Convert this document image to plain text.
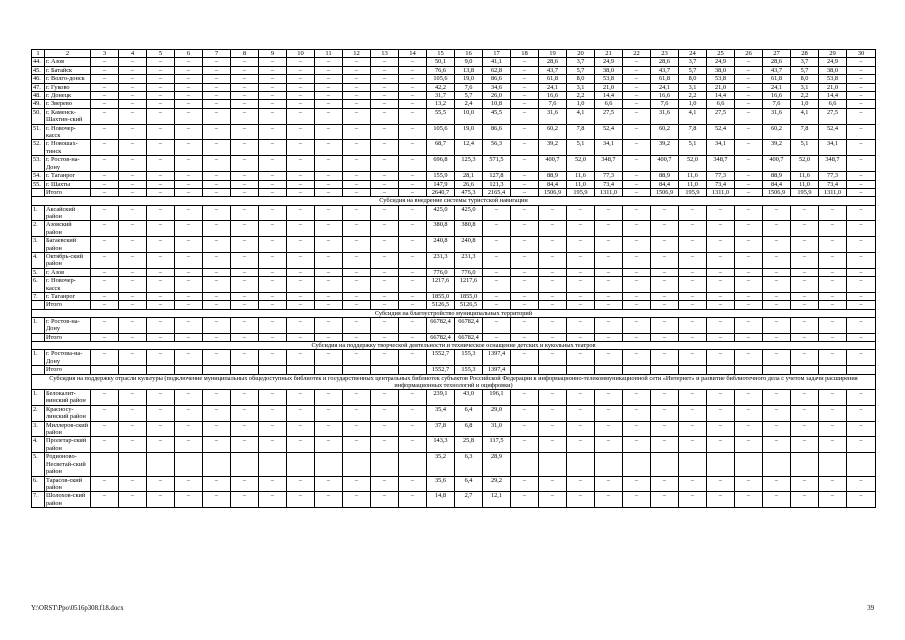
1	2	3	4	5	6	7	8	9	10	11	12	13	14	15	16	17	18	19	20	21	22	23	24	25	26	27	28	29	30
44.	г. Азов	–	–	–	–	–	–	–	–	–	–	–	–	50,1	9,0	41,1	–	28,6	3,7	24,9	–	28,6	3,7	24,9	–	28,6	3,7	24,9	–
45.	г. Батайск	–	–	–	–	–	–	–	–	–	–	–	–	76,6	13,8	62,8	–	43,7	5,7	38,0	–	43,7	5,7	38,0	–	43,7	5,7	38,0	–
46.	г. Волго-донск	–	–	–	–	–	–	–	–	–	–	–	–	105,6	19,0	86,6	–	61,8	8,0	53,8	–	61,8	8,0	53,8	–	61,8	8,0	53,8	–
47.	г. Гуково	–	–	–	–	–	–	–	–	–	–	–	–	42,2	7,6	34,6	–	24,1	3,1	21,0	–	24,1	3,1	21,0	–	24,1	3,1	21,0	–
48.	г. Донецк	–	–	–	–	–	–	–	–	–	–	–	–	31,7	5,7	26,0	–	16,6	2,2	14,4	–	16,6	2,2	14,4	–	16,6	2,2	14,4	–
49.	г. Зверево	–	–	–	–	–	–	–	–	–	–	–	–	13,2	2,4	10,8	–	7,6	1,0	6,6	–	7,6	1,0	6,6	–	7,6	1,0	6,6	–
50.	г. Каменск-Шахтин-ский	–	–	–	–	–	–	–	–	–	–	–	–	55,5	10,0	45,5	–	31,6	4,1	27,5	–	31,6	4,1	27,5	–	31,6	4,1	27,5	–
51.	г. Новочер-касск	–	–	–	–	–	–	–	–	–	–	–	–	105,6	19,0	86,6	–	60,2	7,8	52,4	–	60,2	7,8	52,4	–	60,2	7,8	52,4	–
52.	г. Новошах-тинск	–	–	–	–	–	–	–	–	–	–	–	–	68,7	12,4	56,3	–	39,2	5,1	34,1	–	39,2	5,1	34,1	–	39,2	5,1	34,1	–
53.	г. Ростов-на-Дону	–	–	–	–	–	–	–	–	–	–	–	–	696,8	125,3	571,5	–	400,7	52,0	348,7	–	400,7	52,0	348,7	–	400,7	52,0	348,7	–
54.	г. Таганрог	–	–	–	–	–	–	–	–	–	–	–	–	155,9	28,1	127,8	–	88,9	11,6	77,3	–	88,9	11,6	77,3	–	88,9	11,6	77,3	–
55.	г. Шахты	–	–	–	–	–	–	–	–	–	–	–	–	147,9	26,6	121,3	–	84,4	11,0	73,4	–	84,4	11,0	73,4	–	84,4	11,0	73,4	–
	Итого	–	–	–	–	–	–	–	–	–	–	–	–	2640,7	475,3	2165,4	–	1506,9	195,9	1311,0	–	1506,9	195,9	1311,0	–	1506,9	195,9	1311,0	–
Субсидия на внедрение системы туристской навигации																													
1.	Аксайский район	–	–	–	–	–	–	–	–	–	–	–	–	425,0	425,0	–	–	–	–	–	–	–	–	–	–	–	–	–	–
2.	Азовский район	–	–	–	–	–	–	–	–	–	–	–	–	380,8	380,8	–	–	–	–	–	–	–	–	–	–	–	–	–	–
3.	Багаевский район	–	–	–	–	–	–	–	–	–	–	–	–	240,8	240,8	–	–	–	–	–	–	–	–	–	–	–	–	–	–
4.	Октябрь-ский район	–	–	–	–	–	–	–	–	–	–	–	–	231,3	231,3	–	–	–	–	–	–	–	–	–	–	–	–	–	–
5.	г. Азов	–	–	–	–	–	–	–	–	–	–	–	–	776,0	776,0	–	–	–	–	–	–	–	–	–	–	–	–	–	–
6.	г. Новочер-касск	–	–	–	–	–	–	–	–	–	–	–	–	1217,6	1217,6	–	–	–	–	–	–	–	–	–	–	–	–	–	–
7.	г. Таганрог	–	–	–	–	–	–	–	–	–	–	–	–	1855,0	1855,0	–	–	–	–	–	–	–	–	–	–	–	–	–	–
	Итого	–	–	–	–	–	–	–	–	–	–	–	–	5126,5	5126,5	–	–	–	–	–	–	–	–	–	–	–	–	–	–
Субсидия на благоустройство муниципальных территорий																													
1.	г. Ростов-на-Дону	–	–	–	–	–	–	–	–	–	–	–	–	66782,4	66782,4	–	–	–	–	–	–	–	–	–	–	–	–	–	–
	Итого	–	–	–	–	–	–	–	–	–	–	–	–	66782,4	66782,4	–	–	–	–	–	–	–	–	–	–	–	–	–	–
Субсидия на поддержку творческой деятельности и техническое оснащение детских и кукольных театров																													
1.	г. Ростова-на-Дону	–	–	–	–	–	–	–	–	–	–	–	–	1552,7	155,3	1397,4	–	–	–	–	–	–	–	–	–	–	–	–	–
	Итого													1552,7	155,3	1397,4													
Субсидия на поддержку отрасли культуры (подключение муниципальных общедоступных библиотек и государственных центральных библиотек субъектов Российской Федерации к информационно-телекоммуникационной сети «Интернет» и развитие библиотечного дела с учетом задачи расширения информационных технологий и оцифровки)																													
1.	Белокалит-винский район	–	–	–	–	–	–	–	–	–	–	–	–	239,1	43,0	196,1	–	–	–	–	–	–	–	–	–	–	–	–	–
2.	Красносу-линский район	–	–	–	–	–	–	–	–	–	–	–	–	35,4	6,4	29,0	–	–	–	–	–	–	–	–	–	–	–	–	–
3.	Миллеров-ский район	–	–	–	–	–	–	–	–	–	–	–	–	37,8	6,8	31,0	–	–	–	–	–	–	–	–	–	–	–	–	–
4.	Пролетар-ский район	–	–	–	–	–	–	–	–	–	–	–	–	143,3	25,8	117,5	–	–	–	–	–	–	–	–	–	–	–	–	–
5.	Родионово-Несветай-ский район													35,2	6,3	28,9													
6.	Тарасов-ский район	–	–	–	–	–	–	–	–	–	–	–	–	35,6	6,4	29,2	–	–	–	–	–	–	–	–	–	–	–	–	–
7.	Шолохов-ский район	–	–	–	–	–	–	–	–	–	–	–	–	14,8	2,7	12,1	–	–	–	–	–	–	–	–	–	–	–	–	–
Y:\ORST\Ppo\0516p308.f18.docx	39
